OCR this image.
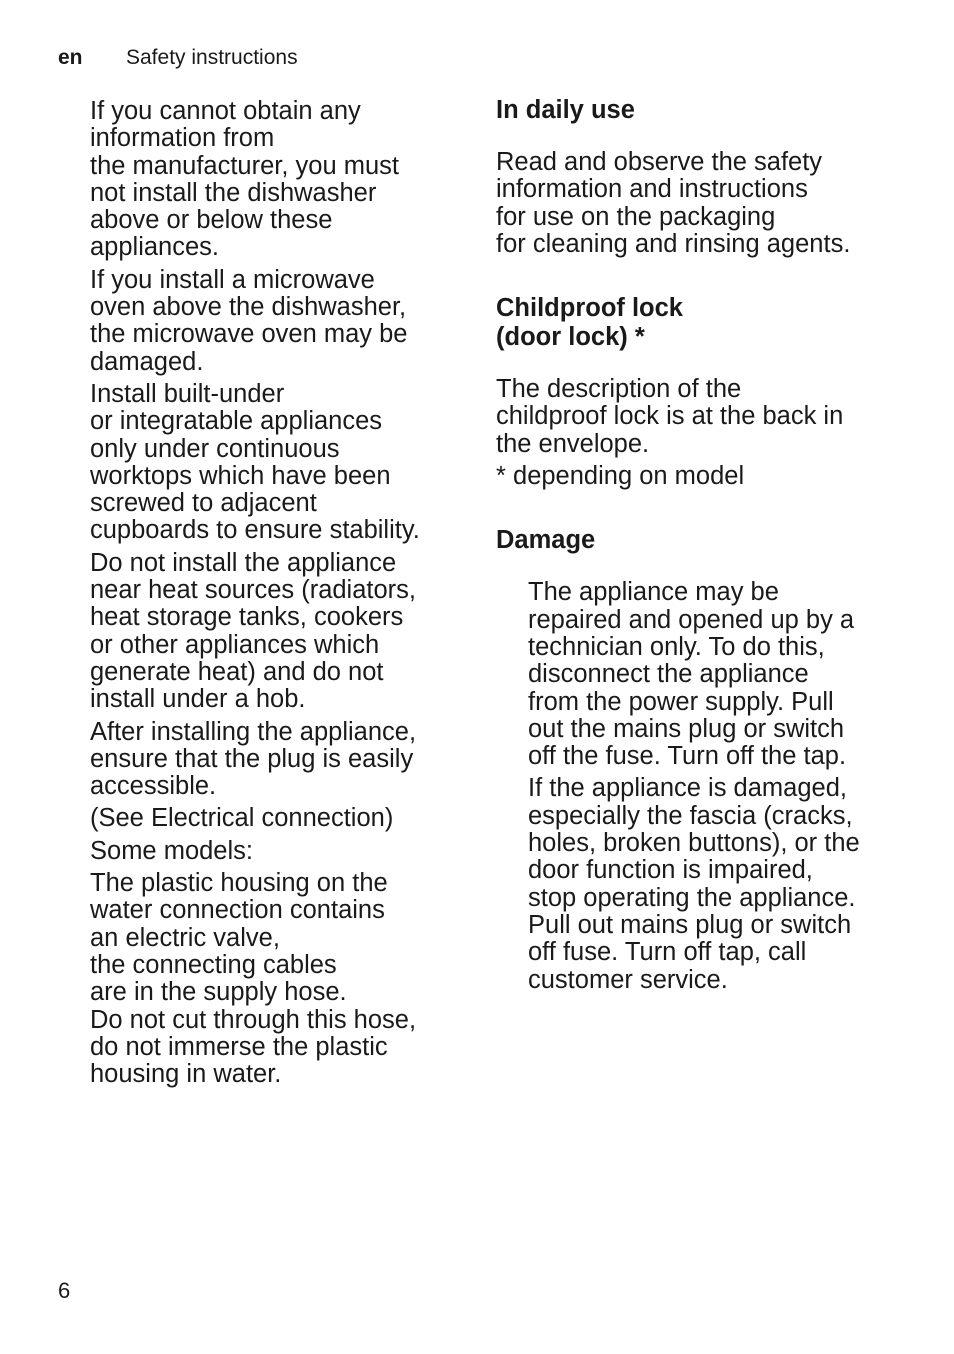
en Safety instructions

If you cannot obtain any
information from
the manufacturer, you must
not install the dishwasher
above or below these
appliances.

If you install a microwave
oven above the dishwasher,
the microwave oven may be
damaged.

Install built-under
or integratable appliances
only under continuous
worktops which have been
screwed to adjacent
cupboards to ensure stability.

Do not install the appliance
near heat sources (radiators,
heat storage tanks, cookers
or other appliances which
generate heat) and do not
install under a hob.

After installing the appliance,
ensure that the plug is easily
accessible.

(See Electrical connection)

Some models:

The plastic housing on the
water connection contains
an electric valve,
the connecting cables
are in the supply hose.
Do not cut through this hose,
do not immerse the plastic
housing in water.

In daily use

Read and observe the safety
information and instructions
for use on the packaging
for cleaning and rinsing agents.

Childproof lock
(door lock) *

The description of the
childproof lock is at the back in
the envelope.

* depending on model

Damage

The appliance may be
repaired and opened up by a
technician only. To do this,
disconnect the appliance
from the power supply. Pull
out the mains plug or switch
off the fuse. Turn off the tap.

If the appliance is damaged,
especially the fascia (cracks,
holes, broken buttons), or the
door function is impaired,
stop operating the appliance.
Pull out mains plug or switch
off fuse. Turn off tap, call
customer service.

6
